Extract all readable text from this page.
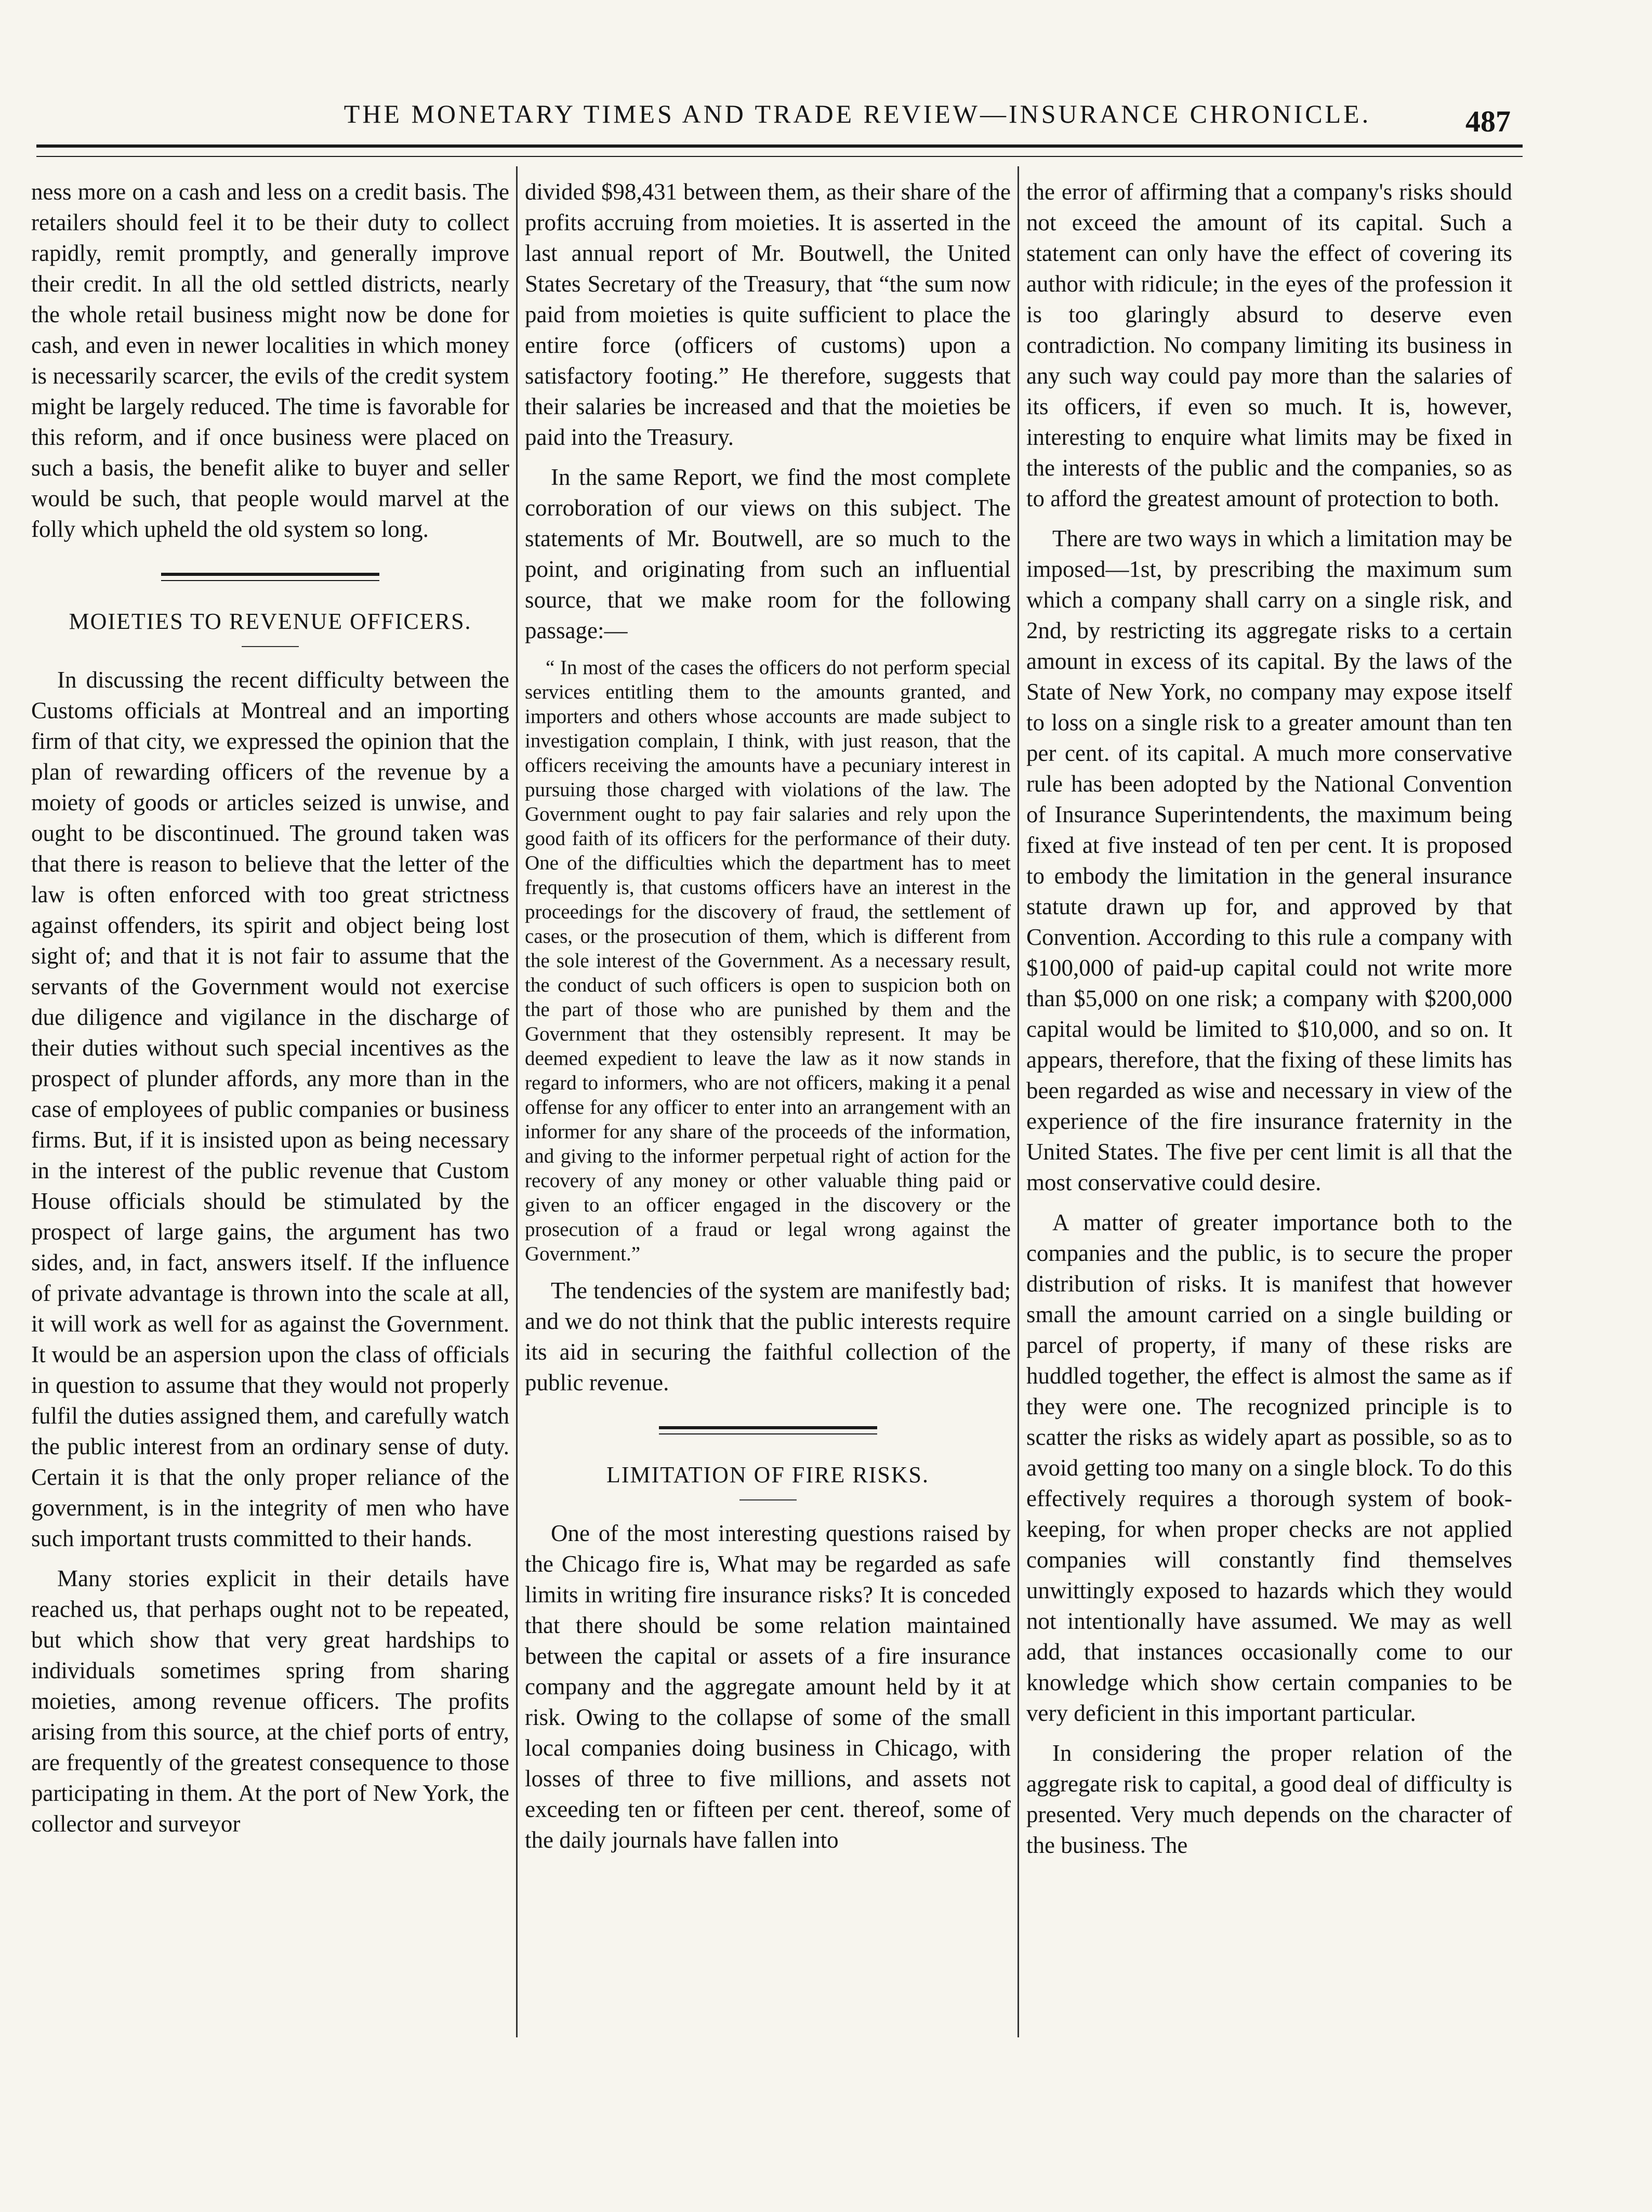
THE MONETARY TIMES AND TRADE REVIEW—INSURANCE CHRONICLE.	487

ness more on a cash and less on a credit basis. The retailers should feel it to be their duty to collect rapidly, remit promptly, and generally improve their credit. In all the old settled districts, nearly the whole retail business might now be done for cash, and even in newer localities in which money is necessarily scarcer, the evils of the credit system might be largely reduced. The time is favorable for this reform, and if once business were placed on such a basis, the benefit alike to buyer and seller would be such, that people would marvel at the folly which upheld the old system so long.

MOIETIES TO REVENUE OFFICERS.

In discussing the recent difficulty between the Customs officials at Montreal and an importing firm of that city, we expressed the opinion that the plan of rewarding officers of the revenue by a moiety of goods or articles seized is unwise, and ought to be discontinued. The ground taken was that there is reason to believe that the letter of the law is often enforced with too great strictness against offenders, its spirit and object being lost sight of; and that it is not fair to assume that the servants of the Government would not exercise due diligence and vigilance in the discharge of their duties without such special incentives as the prospect of plunder affords, any more than in the case of employees of public companies or business firms. But, if it is insisted upon as being necessary in the interest of the public revenue that Custom House officials should be stimulated by the prospect of large gains, the argument has two sides, and, in fact, answers itself. If the influence of private advantage is thrown into the scale at all, it will work as well for as against the Government. It would be an aspersion upon the class of officials in question to assume that they would not properly fulfil the duties assigned them, and carefully watch the public interest from an ordinary sense of duty. Certain it is that the only proper reliance of the government, is in the integrity of men who have such important trusts committed to their hands.

Many stories explicit in their details have reached us, that perhaps ought not to be repeated, but which show that very great hardships to individuals sometimes spring from sharing moieties, among revenue officers. The profits arising from this source, at the chief ports of entry, are frequently of the greatest consequence to those participating in them. At the port of New York, the collector and surveyor

divided $98,431 between them, as their share of the profits accruing from moieties. It is asserted in the last annual report of Mr. Boutwell, the United States Secretary of the Treasury, that “the sum now paid from moieties is quite sufficient to place the entire force (officers of customs) upon a satisfactory footing.” He therefore, suggests that their salaries be increased and that the moieties be paid into the Treasury.

In the same Report, we find the most complete corroboration of our views on this subject. The statements of Mr. Boutwell, are so much to the point, and originating from such an influential source, that we make room for the following passage:—

“ In most of the cases the officers do not perform special services entitling them to the amounts granted, and importers and others whose accounts are made subject to investigation complain, I think, with just reason, that the officers receiving the amounts have a pecuniary interest in pursuing those charged with violations of the law. The Government ought to pay fair salaries and rely upon the good faith of its officers for the performance of their duty. One of the difficulties which the department has to meet frequently is, that customs officers have an interest in the proceedings for the discovery of fraud, the settlement of cases, or the prosecution of them, which is different from the sole interest of the Government. As a necessary result, the conduct of such officers is open to suspicion both on the part of those who are punished by them and the Government that they ostensibly represent. It may be deemed expedient to leave the law as it now stands in regard to informers, who are not officers, making it a penal offense for any officer to enter into an arrangement with an informer for any share of the proceeds of the information, and giving to the informer perpetual right of action for the recovery of any money or other valuable thing paid or given to an officer engaged in the discovery or the prosecution of a fraud or legal wrong against the Government.”

The tendencies of the system are manifestly bad; and we do not think that the public interests require its aid in securing the faithful collection of the public revenue.

LIMITATION OF FIRE RISKS.

One of the most interesting questions raised by the Chicago fire is, What may be regarded as safe limits in writing fire insurance risks? It is conceded that there should be some relation maintained between the capital or assets of a fire insurance company and the aggregate amount held by it at risk. Owing to the collapse of some of the small local companies doing business in Chicago, with losses of three to five millions, and assets not exceeding ten or fifteen per cent. thereof, some of the daily journals have fallen into

the error of affirming that a company's risks should not exceed the amount of its capital. Such a statement can only have the effect of covering its author with ridicule; in the eyes of the profession it is too glaringly absurd to deserve even contradiction. No company limiting its business in any such way could pay more than the salaries of its officers, if even so much. It is, however, interesting to enquire what limits may be fixed in the interests of the public and the companies, so as to afford the greatest amount of protection to both.

There are two ways in which a limitation may be imposed—1st, by prescribing the maximum sum which a company shall carry on a single risk, and 2nd, by restricting its aggregate risks to a certain amount in excess of its capital. By the laws of the State of New York, no company may expose itself to loss on a single risk to a greater amount than ten per cent. of its capital. A much more conservative rule has been adopted by the National Convention of Insurance Superintendents, the maximum being fixed at five instead of ten per cent. It is proposed to embody the limitation in the general insurance statute drawn up for, and approved by that Convention. According to this rule a company with $100,000 of paid-up capital could not write more than $5,000 on one risk; a company with $200,000 capital would be limited to $10,000, and so on. It appears, therefore, that the fixing of these limits has been regarded as wise and necessary in view of the experience of the fire insurance fraternity in the United States. The five per cent limit is all that the most conservative could desire.

A matter of greater importance both to the companies and the public, is to secure the proper distribution of risks. It is manifest that however small the amount carried on a single building or parcel of property, if many of these risks are huddled together, the effect is almost the same as if they were one. The recognized principle is to scatter the risks as widely apart as possible, so as to avoid getting too many on a single block. To do this effectively requires a thorough system of book-keeping, for when proper checks are not applied companies will constantly find themselves unwittingly exposed to hazards which they would not intentionally have assumed. We may as well add, that instances occasionally come to our knowledge which show certain companies to be very deficient in this important particular.

In considering the proper relation of the aggregate risk to capital, a good deal of difficulty is presented. Very much depends on the character of the business. The
